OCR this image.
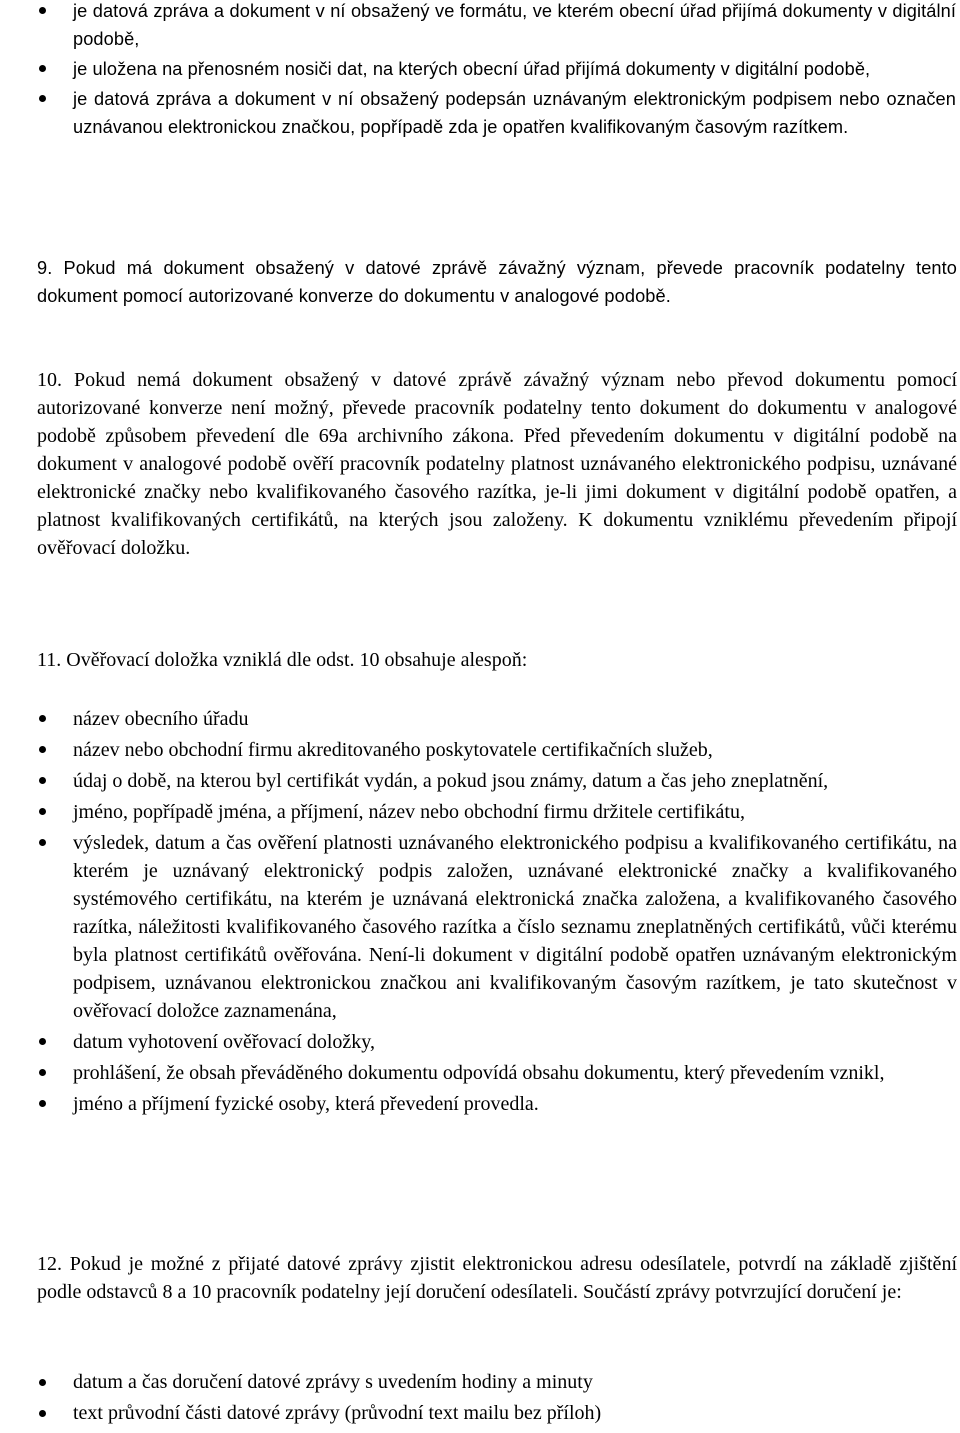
je datová zpráva a dokument v ní obsažený ve formátu, ve kterém obecní úřad přijímá dokumenty v digitální podobě,

je uložena na přenosném nosiči dat, na kterých obecní úřad přijímá dokumenty v digitální podobě,

je datová zpráva a dokument v ní obsažený podepsán uznávaným elektronickým podpisem nebo označen uznávanou elektronickou značkou, popřípadě zda je opatřen kvalifikovaným časovým razítkem.

9. Pokud má dokument obsažený v datové zprávě závažný význam, převede pracovník podatelny tento dokument pomocí autorizované konverze do dokumentu v analogové podobě.

10. Pokud nemá dokument obsažený v datové zprávě závažný význam nebo převod dokumentu pomocí autorizované konverze není možný, převede pracovník podatelny tento dokument do dokumentu v analogové podobě způsobem převedení dle 69a archivního zákona. Před převedením dokumentu v digitální podobě na dokument v analogové podobě ověří pracovník podatelny platnost uznávaného elektronického podpisu, uznávané elektronické značky nebo kvalifikovaného časového razítka, je-li jimi dokument v digitální podobě opatřen, a platnost kvalifikovaných certifikátů, na kterých jsou založeny. K dokumentu vzniklému převedením připojí ověřovací doložku.

11. Ověřovací doložka vzniklá dle odst. 10 obsahuje alespoň:

název obecního úřadu

název nebo obchodní firmu akreditovaného poskytovatele certifikačních služeb,

údaj o době, na kterou byl certifikát vydán, a pokud jsou známy, datum a čas jeho zneplatnění,

jméno, popřípadě jména, a příjmení, název nebo obchodní firmu držitele certifikátu,

výsledek, datum a čas ověření platnosti uznávaného elektronického podpisu a kvalifikovaného certifikátu, na kterém je uznávaný elektronický podpis založen, uznávané elektronické značky a kvalifikovaného systémového certifikátu, na kterém je uznávaná elektronická značka založena, a kvalifikovaného časového razítka, náležitosti kvalifikovaného časového razítka a číslo seznamu zneplatněných certifikátů, vůči kterému byla platnost certifikátů ověřována. Není-li dokument v digitální podobě opatřen uznávaným elektronickým podpisem, uznávanou elektronickou značkou ani kvalifikovaným časovým razítkem, je tato skutečnost v ověřovací doložce zaznamenána,

datum vyhotovení ověřovací doložky,

prohlášení, že obsah převáděného dokumentu odpovídá obsahu dokumentu, který převedením vznikl,

jméno a příjmení fyzické osoby, která převedení provedla.

12. Pokud je možné z přijaté datové zprávy zjistit elektronickou adresu odesílatele, potvrdí na základě zjištění podle odstavců 8 a 10 pracovník podatelny její doručení odesílateli. Součástí zprávy potvrzující doručení je:

datum a čas doručení datové zprávy s uvedením hodiny a minuty

text průvodní části datové zprávy (průvodní text mailu bez příloh)
